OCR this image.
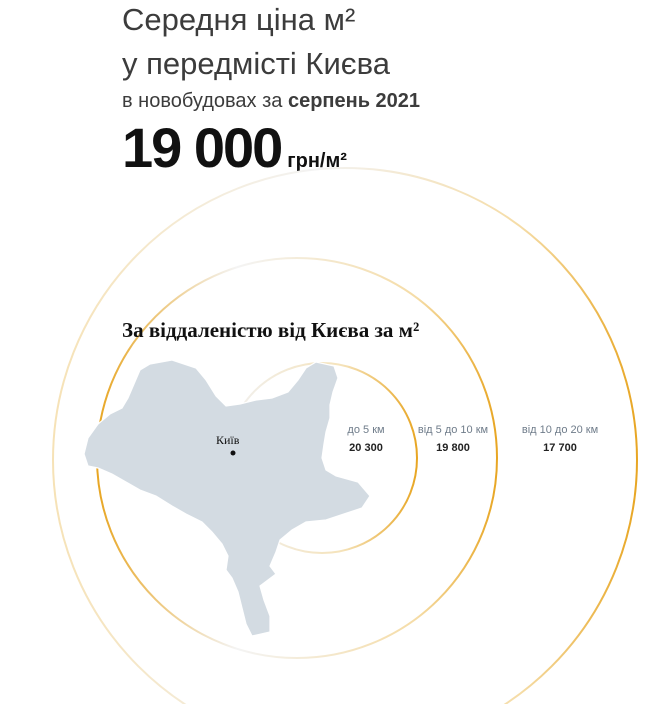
Середня ціна м²
у передмісті Києва
в новобудовах за серпень 2021
19 000 грн/м²
За віддаленістю від Києва за м²
Київ
до 5 км
20 300
від 5 до 10 км
19 800
від 10 до 20 км
17 700
